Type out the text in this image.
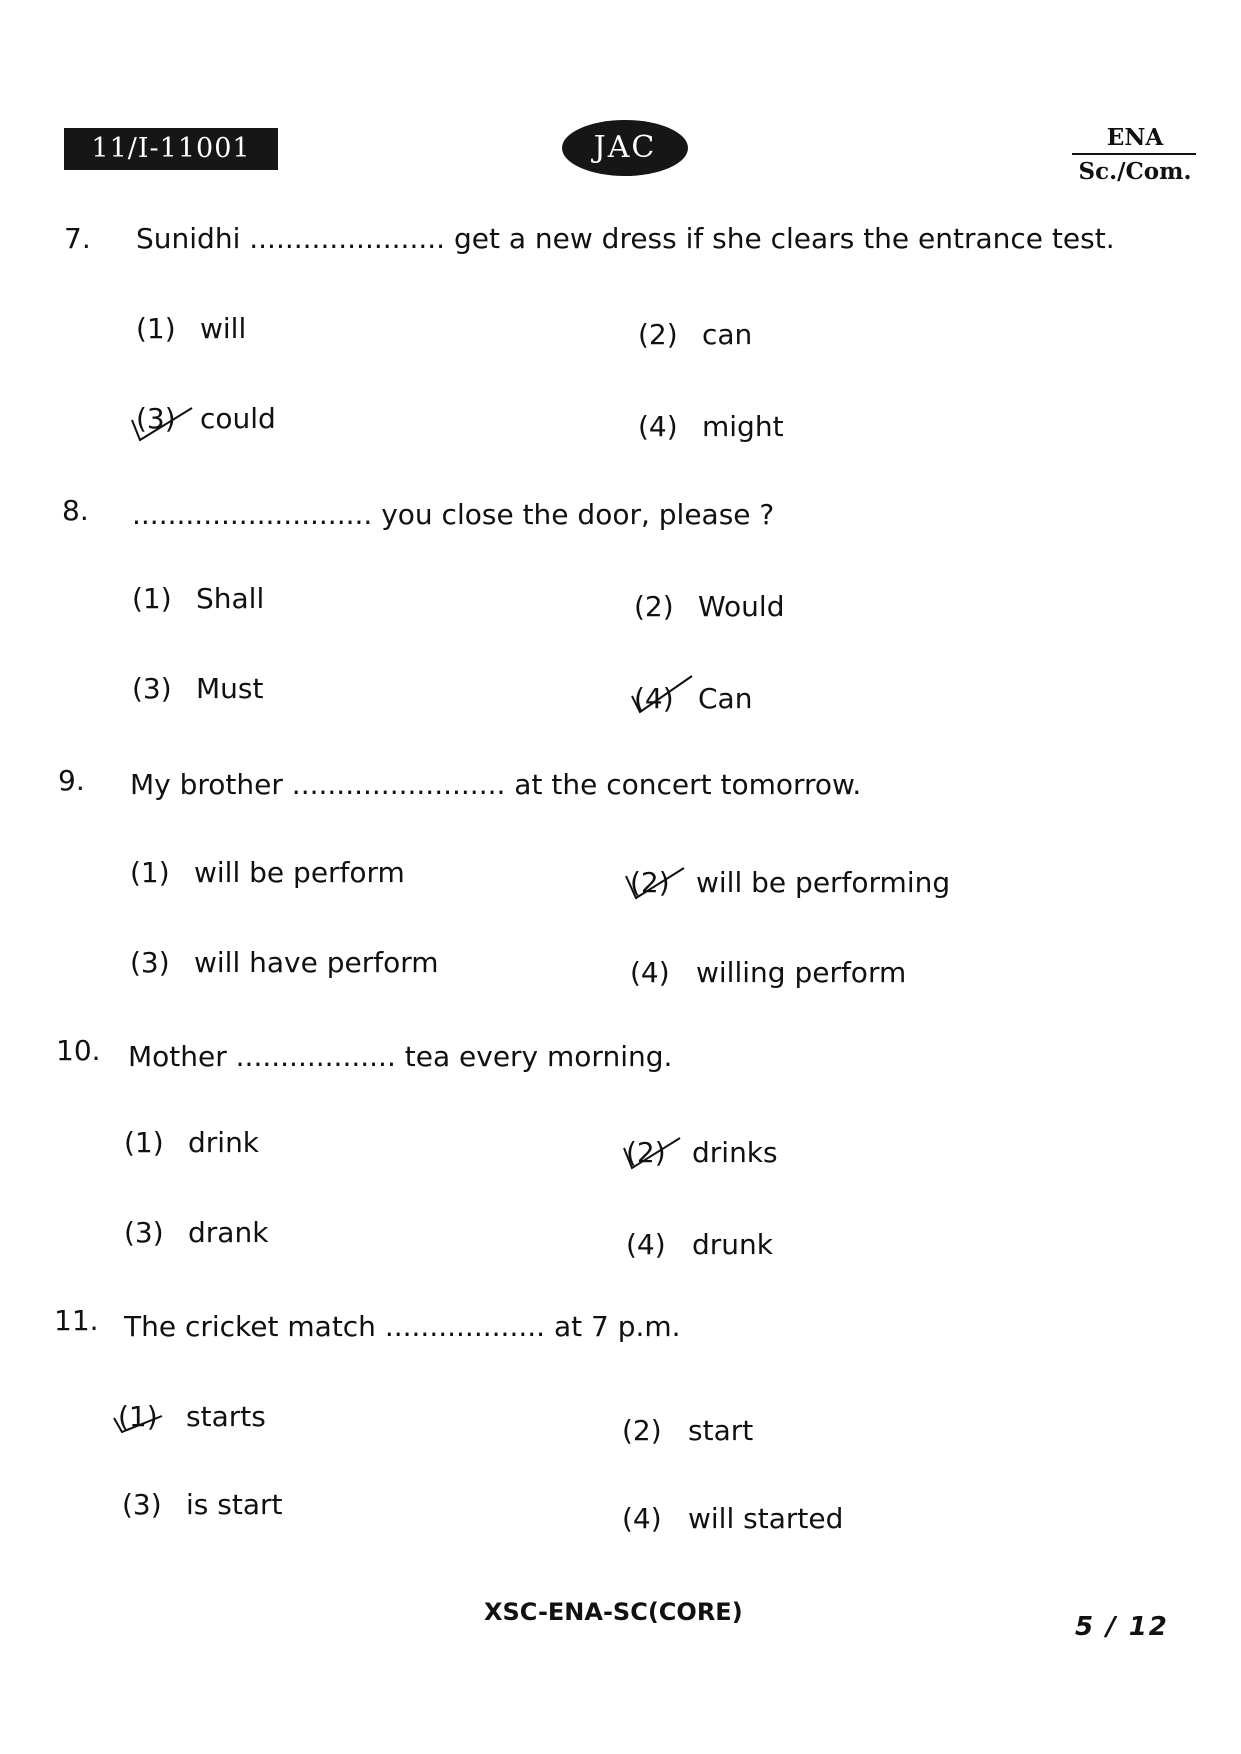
11/I-11001	JAC	ENA
Sc./Com.
7.	Sunidhi ...................... get a new dress if she clears the entrance test.
(1) will	(2) can
(3) could	(4) might
8.	........................... you close the door, please ?
(1) Shall	(2) Would
(3) Must	(4) Can
9.	My brother ........................ at the concert tomorrow.
(1) will be perform	(2) will be performing
(3) will have perform	(4) willing perform
10. Mother .................. tea every morning.
(1) drink	(2) drinks
(3) drank	(4) drunk
11. The cricket match .................. at 7 p.m.
(1) starts	(2) start
(3) is start	(4) will started
XSC-ENA-SC(CORE)	5 / 12
